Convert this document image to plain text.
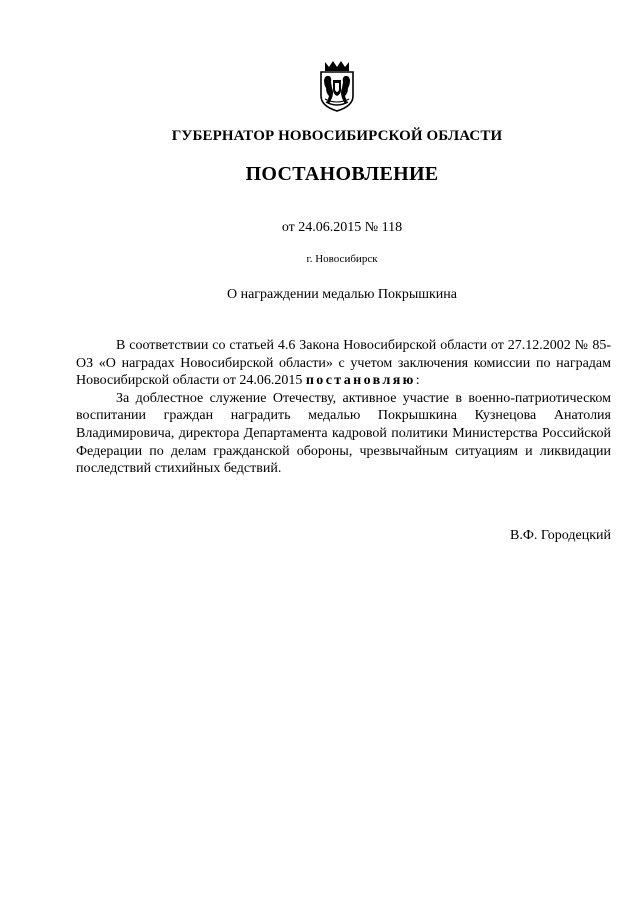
ГУБЕРНАТОР НОВОСИБИРСКОЙ ОБЛАСТИ
ПОСТАНОВЛЕНИЕ
от 24.06.2015 № 118
г. Новосибирск
О награждении медалью Покрышкина

В соответствии со статьей 4.6 Закона Новосибирской области от 27.12.2002 № 85-ОЗ «О наградах Новосибирской области» с учетом заключения комиссии по наградам Новосибирской области от 24.06.2015 постановляю:

За доблестное служение Отечеству, активное участие в военно-патриотическом воспитании граждан наградить медалью Покрышкина Кузнецова Анатолия Владимировича, директора Департамента кадровой политики Министерства Российской Федерации по делам гражданской обороны, чрезвычайным ситуациям и ликвидации последствий стихийных бедствий.

В.Ф. Городецкий
